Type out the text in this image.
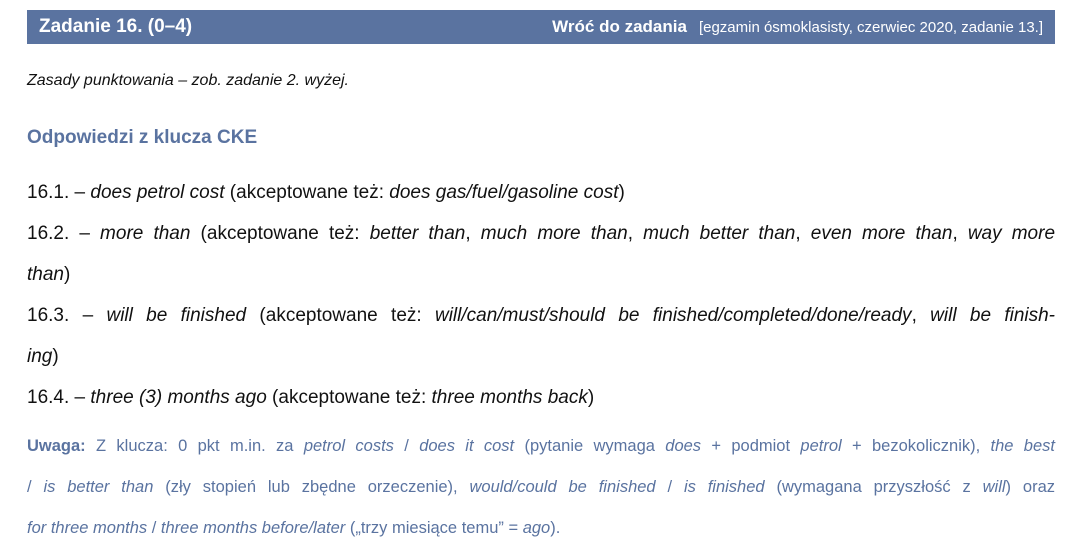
Zadanie 16. (0–4)	Wróć do zadania [egzamin ósmoklasisty, czerwiec 2020, zadanie 13.]
Zasady punktowania – zob. zadanie 2. wyżej.
Odpowiedzi z klucza CKE

16.1. – does petrol cost (akceptowane też: does gas/fuel/gasoline cost)

16.2. – more than (akceptowane też: better than, much more than, much better than, even more than, way more

than)

16.3. – will be finished (akceptowane też: will/can/must/should be finished/completed/done/ready, will be finish-

ing)

16.4. – three (3) months ago (akceptowane też: three months back)

Uwaga: Z klucza: 0 pkt m.in. za petrol costs / does it cost (pytanie wymaga does + podmiot petrol + bezokolicznik), the best

/ is better than (zły stopień lub zbędne orzeczenie), would/could be finished / is finished (wymagana przyszłość z will) oraz

for three months / three months before/later („trzy miesiące temu” = ago).
